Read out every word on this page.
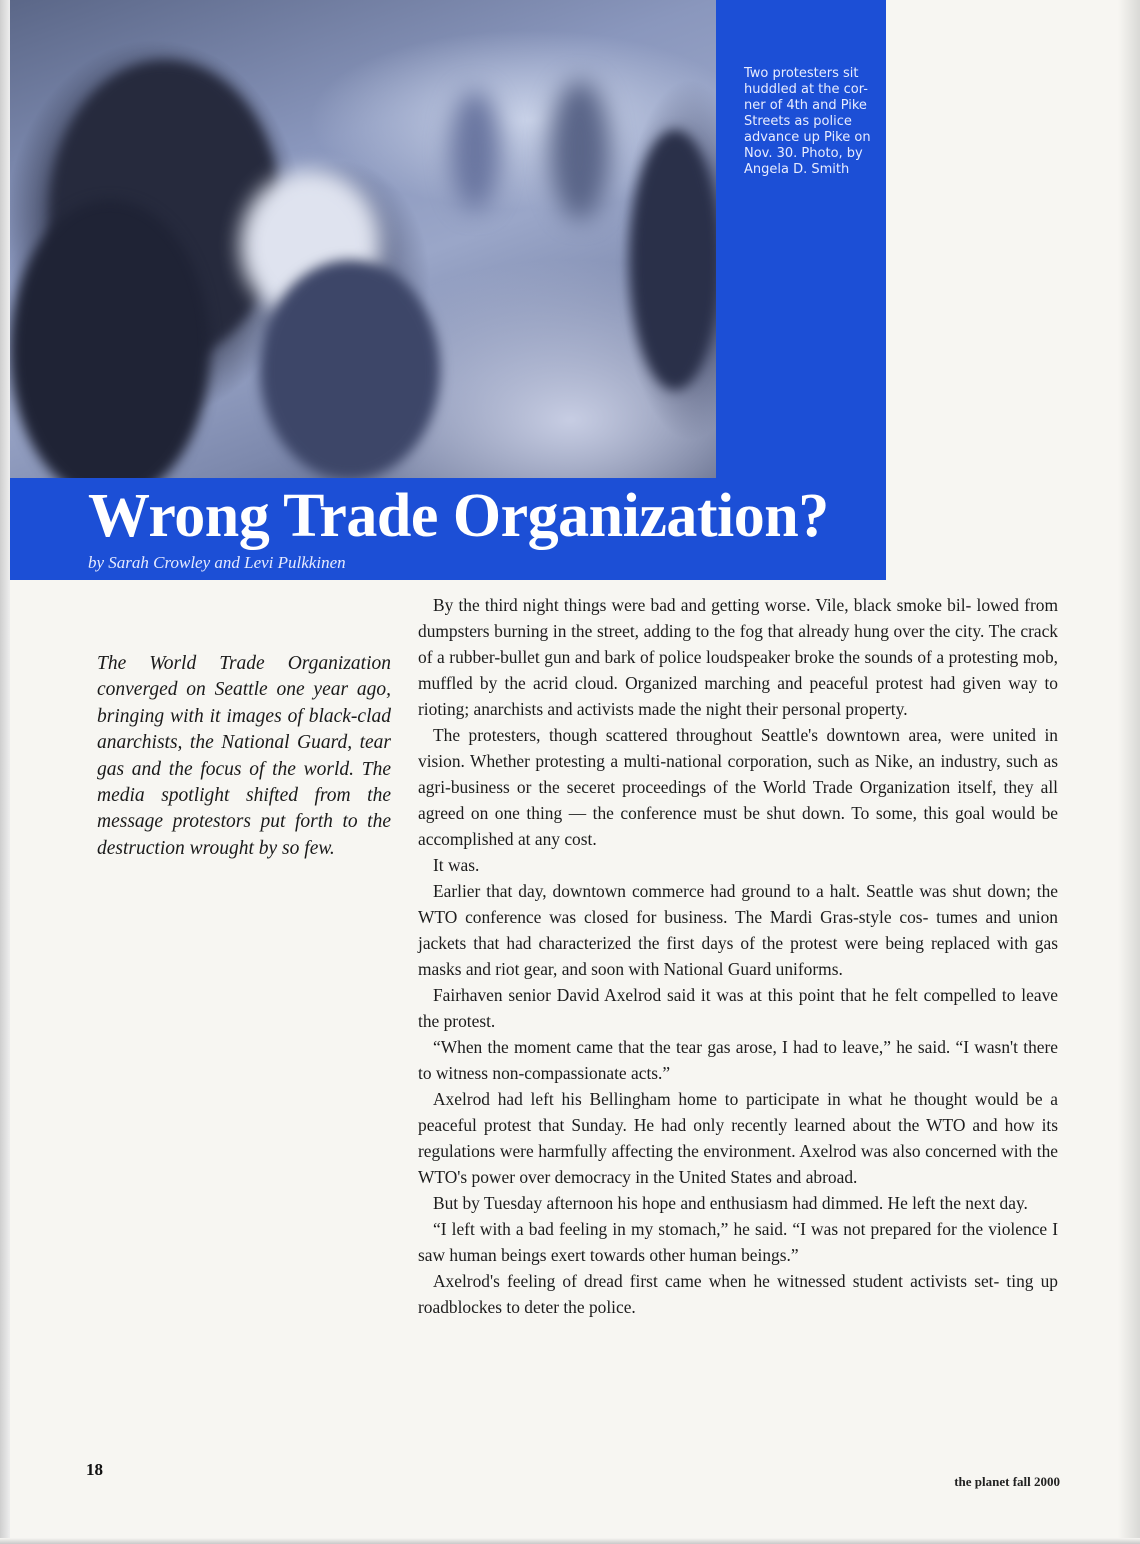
Two protesters sit huddled at the cor- ner of 4th and Pike Streets as police advance up Pike on Nov. 30. Photo, by Angela D. Smith
Wrong Trade Organization?
by Sarah Crowley and Levi Pulkkinen

The World Trade Organization converged on Seattle one year ago, bringing with it images of black-clad anarchists, the National Guard, tear gas and the focus of the world. The media spotlight shifted from the message protestors put forth to the destruction wrought by so few.

By the third night things were bad and getting worse. Vile, black smoke bil- lowed from dumpsters burning in the street, adding to the fog that already hung over the city. The crack of a rubber-bullet gun and bark of police loudspeaker broke the sounds of a protesting mob, muffled by the acrid cloud. Organized marching and peaceful protest had given way to rioting; anarchists and activists made the night their personal property.

The protesters, though scattered throughout Seattle's downtown area, were united in vision. Whether protesting a multi-national corporation, such as Nike, an industry, such as agri-business or the seceret proceedings of the World Trade Organization itself, they all agreed on one thing — the conference must be shut down. To some, this goal would be accomplished at any cost.

It was.

Earlier that day, downtown commerce had ground to a halt. Seattle was shut down; the WTO conference was closed for business. The Mardi Gras-style cos- tumes and union jackets that had characterized the first days of the protest were being replaced with gas masks and riot gear, and soon with National Guard uniforms.

Fairhaven senior David Axelrod said it was at this point that he felt compelled to leave the protest.

“When the moment came that the tear gas arose, I had to leave,” he said. “I wasn't there to witness non-compassionate acts.”

Axelrod had left his Bellingham home to participate in what he thought would be a peaceful protest that Sunday. He had only recently learned about the WTO and how its regulations were harmfully affecting the environment. Axelrod was also concerned with the WTO's power over democracy in the United States and abroad.

But by Tuesday afternoon his hope and enthusiasm had dimmed. He left the next day.

“I left with a bad feeling in my stomach,” he said. “I was not prepared for the violence I saw human beings exert towards other human beings.”

Axelrod's feeling of dread first came when he witnessed student activists set- ting up roadblockes to deter the police.

18
the planet fall 2000
